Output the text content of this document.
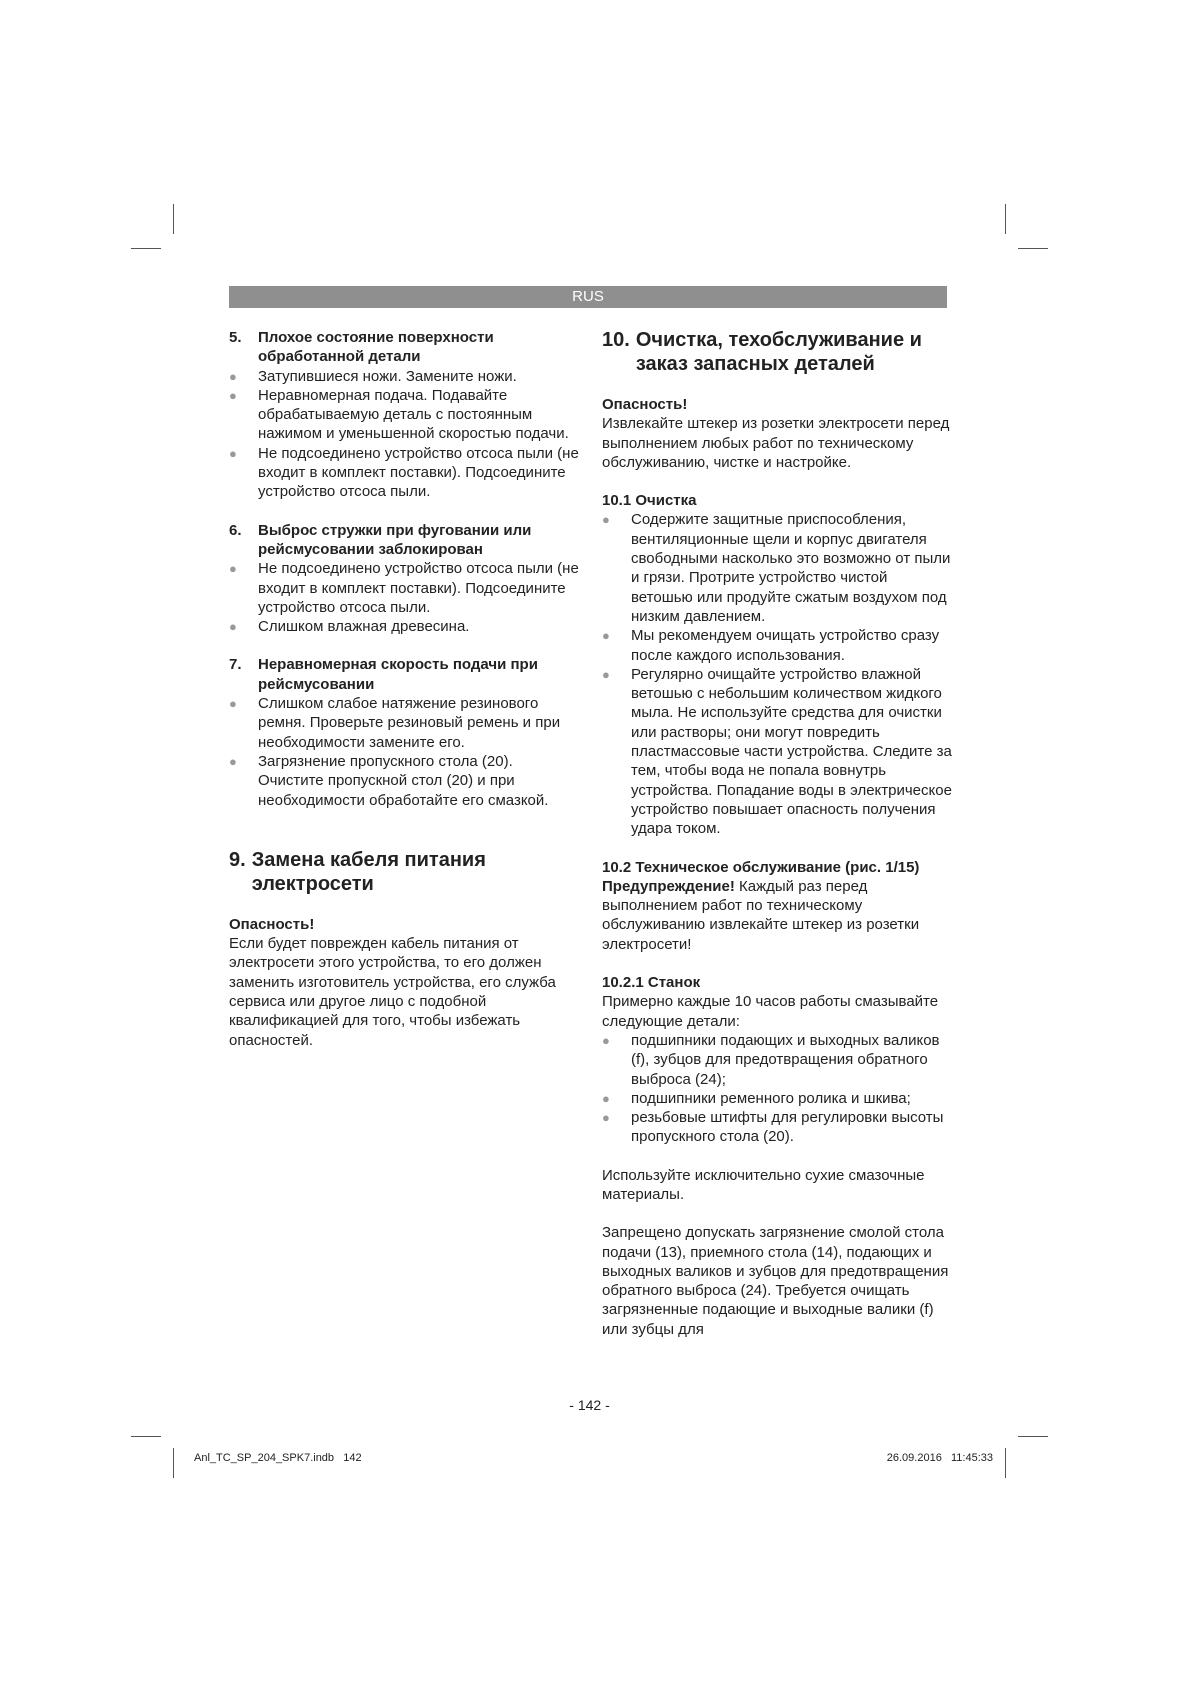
RUS
5.	Плохое состояние поверхности обработанной детали
●	Затупившиеся ножи. Замените ножи.
●	Неравномерная подача. Подавайте обрабатываемую деталь с постоянным нажимом и уменьшенной скоростью подачи.
●	Не подсоединено устройство отсоса пыли (не входит в комплект поставки). Подсоедините устройство отсоса пыли.
6.	Выброс стружки при фуговании или рейсмусовании заблокирован
●	Не подсоединено устройство отсоса пыли (не входит в комплект поставки). Подсоедините устройство отсоса пыли.
●	Слишком влажная древесина.
7.	Неравномерная скорость подачи при рейсмусовании
●	Слишком слабое натяжение резинового ремня. Проверьте резиновый ремень и при необходимости замените его.
●	Загрязнение пропускного стола (20). Очистите пропускной стол (20) и при необходимости обработайте его смазкой.
9. Замена кабеля питания электросети

Опасность!

Если будет поврежден кабель питания от электросети этого устройства, то его должен заменить изготовитель устройства, его служба сервиса или другое лицо с подобной квалификацией для того, чтобы избежать опасностей.

10. Очистка, техобслуживание и заказ запасных деталей

Опасность!

Извлекайте штекер из розетки электросети перед выполнением любых работ по техническому обслуживанию, чистке и настройке.

10.1 Очистка

●	Содержите защитные приспособления, вентиляционные щели и корпус двигателя свободными насколько это возможно от пыли и грязи. Протрите устройство чистой ветошью или продуйте сжатым воздухом под низким давлением.
●	Мы рекомендуем очищать устройство сразу после каждого использования.
●	Регулярно очищайте устройство влажной ветошью с небольшим количеством жидкого мыла. Не используйте средства для очистки или растворы; они могут повредить пластмассовые части устройства. Следите за тем, чтобы вода не попала вовнутрь устройства. Попадание воды в электрическое устройство повышает опасность получения удара током.

10.2 Техническое обслуживание (рис. 1/15)

Предупреждение! Каждый раз перед выполнением работ по техническому обслуживанию извлекайте штекер из розетки электросети!

10.2.1 Станок

Примерно каждые 10 часов работы смазывайте следующие детали:

●	подшипники подающих и выходных валиков (f), зубцов для предотвращения обратного выброса (24);
●	подшипники ременного ролика и шкива;
●	резьбовые штифты для регулировки высоты пропускного стола (20).

Используйте исключительно сухие смазочные материалы.

Запрещено допускать загрязнение смолой стола подачи (13), приемного стола (14), подающих и выходных валиков и зубцов для предотвращения обратного выброса (24). Требуется очищать загрязненные подающие и выходные валики (f) или зубцы для

- 142 -
Anl_TC_SP_204_SPK7.indb   142	26.09.2016   11:45:33
